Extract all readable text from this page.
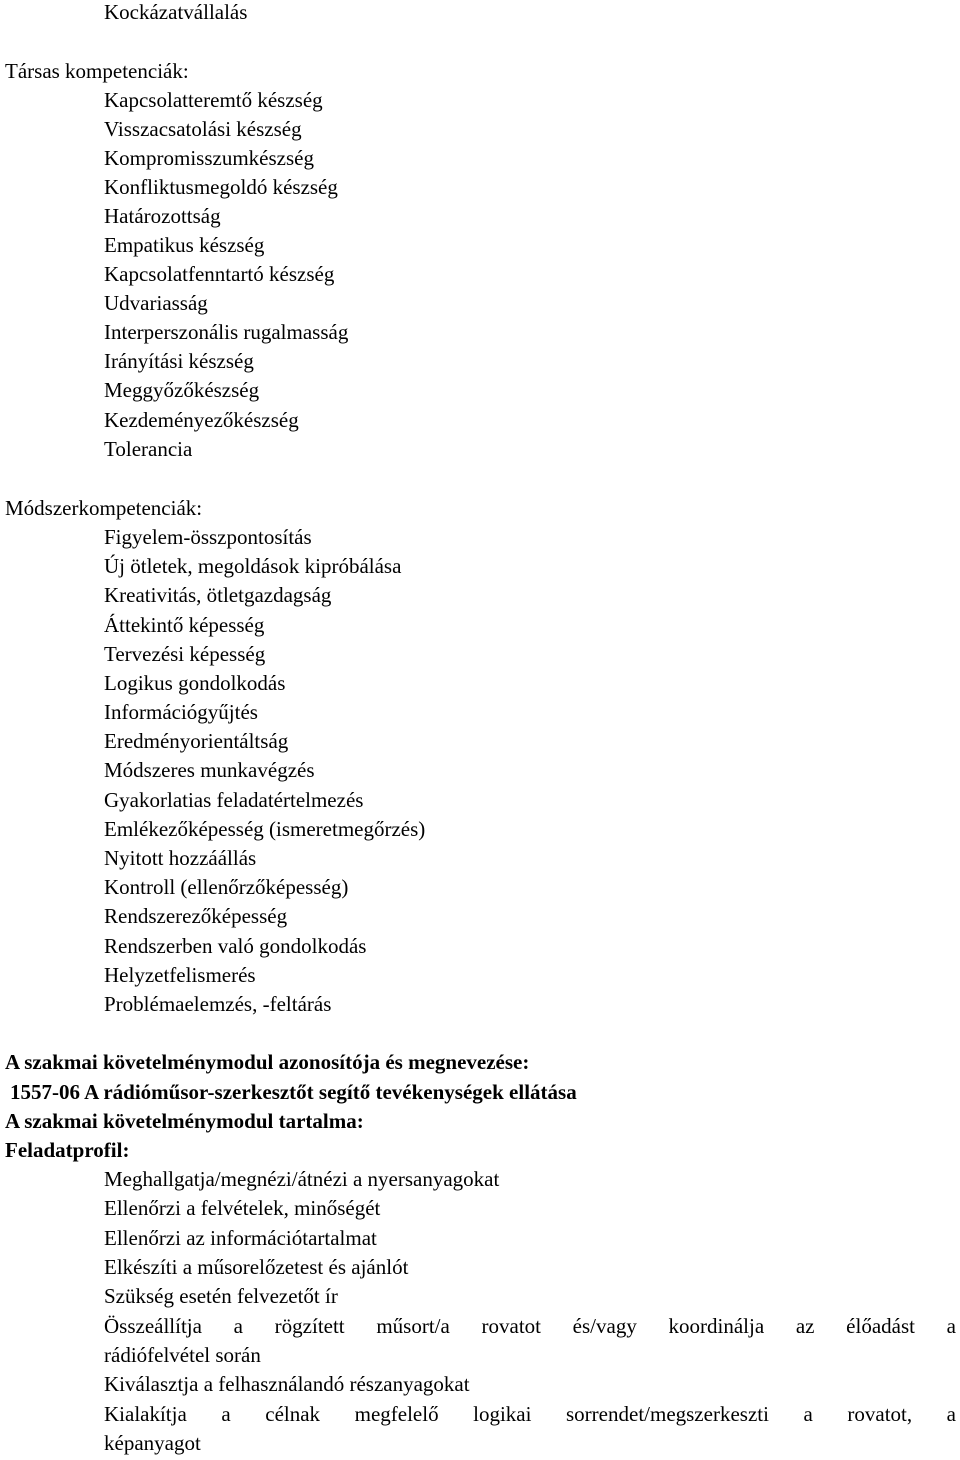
Kockázatvállalás
Társas kompetenciák:
Kapcsolatteremtő készség
Visszacsatolási készség
Kompromisszumkészség
Konfliktusmegoldó készség
Határozottság
Empatikus készség
Kapcsolatfenntartó készség
Udvariasság
Interperszonális rugalmasság
Irányítási készség
Meggyőzőkészség
Kezdeményezőkészség
Tolerancia
Módszerkompetenciák:
Figyelem-összpontosítás
Új ötletek, megoldások kipróbálása
Kreativitás, ötletgazdagság
Áttekintő képesség
Tervezési képesség
Logikus gondolkodás
Információgyűjtés
Eredményorientáltság
Módszeres munkavégzés
Gyakorlatias feladatértelmezés
Emlékezőképesség (ismeretmegőrzés)
Nyitott hozzáállás
Kontroll (ellenőrzőképesség)
Rendszerezőképesség
Rendszerben való gondolkodás
Helyzetfelismerés
Problémaelemzés, -feltárás
A szakmai követelménymodul azonosítója és megnevezése:
1557-06 A rádióműsor-szerkesztőt segítő tevékenységek ellátása
A szakmai követelménymodul tartalma:
Feladatprofil:
Meghallgatja/megnézi/átnézi a nyersanyagokat
Ellenőrzi a felvételek, minőségét
Ellenőrzi az információtartalmat
Elkészíti a műsorelőzetest és ajánlót
Szükség esetén felvezetőt ír
Összeállítja a rögzített műsort/a rovatot és/vagy koordinálja az élőadást a
rádiófelvétel során
Kiválasztja a felhasználandó részanyagokat
Kialakítja a célnak megfelelő logikai sorrendet/megszerkeszti a rovatot, a
képanyagot
